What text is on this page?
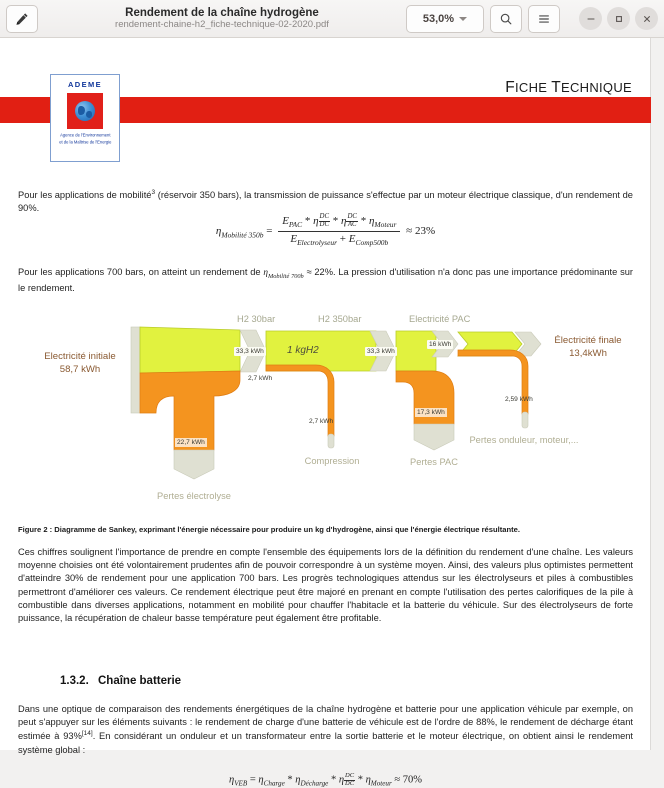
Rendement de la chaîne hydrogène
rendement-chaine-h2_fiche-technique-02-2020.pdf
53,0%
ADEME
Agence de l'Environnement
et de la Maîtrise de l'Energie
FICHE TECHNIQUE
Pour les applications de mobilité$^3$ (réservoir 350 bars), la transmission de puissance s'effectue par un moteur électrique classique, d'un rendement de 90%.
$\eta_{Mobilité 350b} = \frac{E_{PAC} * \eta \frac{DC}{DC} * \eta \frac{DC}{AC} * \eta_{Moteur}}{E_{Electrolyseur} + E_{Comp500b}} \approx 23\%$
Pour les applications 700 bars, on atteint un rendement de $\eta_{Mobilité 700b} \approx 22\%$. La pression d'utilisation n'a donc pas une importance prédominante sur le rendement.
Electricité initiale
58,7 kWh
H2 30bar	H2 350bar	Electricité PAC
Électricité finale
13,4kWh
1 kgH2
33,3 kWh
2,7 kWh
33,3 kWh
16 kWh
22,7 kWh
2,7 kWh
17,3 kWh
2,59 kWh
Pertes électrolyse
Compression	Pertes PAC
Pertes onduleur, moteur,...
Figure 2 : Diagramme de Sankey, exprimant l'énergie nécessaire pour produire un kg d'hydrogène, ainsi que l'énergie électrique résultante.
Ces chiffres soulignent l'importance de prendre en compte l'ensemble des équipements lors de la définition du rendement d'une chaîne. Les valeurs moyenne choisies ont été volontairement prudentes afin de pouvoir correspondre à un système moyen. Ainsi, des valeurs plus optimistes permettent d'atteindre 30% de rendement pour une application 700 bars. Les progrès technologiques attendus sur les électrolyseurs et piles à combustibles permettront d'améliorer ces valeurs. Ce rendement électrique peut être majoré en prenant en compte l'utilisation des pertes calorifiques de la pile à combustible dans diverses applications, notamment en mobilité pour chauffer l'habitacle et la batterie du véhicule. Sur des électrolyseurs de forte puissance, la récupération de chaleur basse température peut également être profitable.
1.3.2. Chaîne batterie
Dans une optique de comparaison des rendements énergétiques de la chaîne hydrogène et batterie pour une application véhicule par exemple, on peut s'appuyer sur les éléments suivants : le rendement de charge d'une batterie de véhicule est de l'ordre de 88%, le rendement de décharge étant estimée à 93%[14]. En considérant un onduleur et un transformateur entre la sortie batterie et le moteur électrique, on obtient ainsi le rendement système global :
$\eta_{VEB} = \eta_{Charge} * \eta_{Décharge} * \eta \frac{DC}{DC} * \eta_{Moteur} \approx 70\%$
